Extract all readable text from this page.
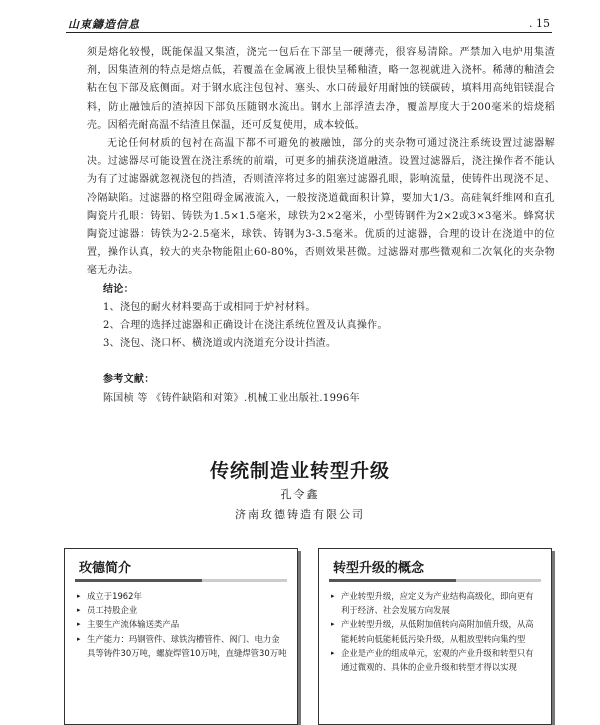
山東鑄造信息	. 15

须是熔化较慢，既能保温又集渣，浇完一包后在下部呈一硬薄壳，很容易清除。严禁加入电炉用集渣剂，因集渣剂的特点是熔点低，若覆盖在金属液上很快呈稀釉渣，略一忽视就进入浇杯。稀薄的釉渣会粘在包下部及底侧面。对于钢水底注包包衬、塞头、水口砖最好用耐蚀的镁碳砖，填料用高纯铝镁混合料，防止融蚀后的渣掉因下部负压随钢水流出。钢水上部浮渣去净，覆盖厚度大于200毫米的焙烧稻壳。因稻壳耐高温不结渣且保温，还可反复使用，成本较低。

无论任何材质的包衬在高温下都不可避免的被融蚀，部分的夹杂物可通过浇注系统设置过滤器解决。过滤器尽可能设置在浇注系统的前端，可更多的捕获浇道融渣。设置过滤器后，浇注操作者不能认为有了过滤器就忽视浇包的挡渣，否则渣滓将过多的阻塞过滤器孔眼，影响流量，使铸件出现浇不足、冷隔缺陷。过滤器的格空阻碍金属液流入，一般按浇道截面积计算，要加大1/3。高硅氧纤维网和直孔陶瓷片孔眼：铸铝、铸铁为1.5×1.5毫米，球铁为2×2毫米，小型铸钢件为2×2或3×3毫米。蜂窝状陶瓷过滤器：铸铁为2-2.5毫米，球铁、铸钢为3-3.5毫米。优质的过滤器，合理的设计在浇道中的位置，操作认真，较大的夹杂物能阻止60-80%，否则效果甚微。过滤器对那些微观和二次氧化的夹杂物毫无办法。

结论：

1、浇包的耐火材料要高于或相同于炉衬材料。

2、合理的选择过滤器和正确设计在浇注系统位置及认真操作。

3、浇包、浇口杯、横浇道或内浇道充分设计挡渣。

参考文献：

陈国桢 等 《铸件缺陷和对策》.机械工业出版社.1996年

传统制造业转型升级
孔令鑫
济南玫德铸造有限公司
玫德简介
▸ 成立于1962年
▸ 员工持股企业
▸ 主要生产流体输送类产品
▸ 生产能力：玛钢管件、球铁沟槽管件、阀门、电力金具等铸件30万吨，螺旋焊管10万吨，直缝焊管30万吨
转型升级的概念
▸ 产业转型升级，应定义为产业结构高级化，即向更有利于经济、社会发展方向发展
▸ 产业转型升级，从低附加值转向高附加值升级，从高能耗转向低能耗低污染升级，从粗放型转向集约型
▸ 企业是产业的组成单元，宏观的产业升级和转型只有通过微观的、具体的企业升级和转型才得以实现
